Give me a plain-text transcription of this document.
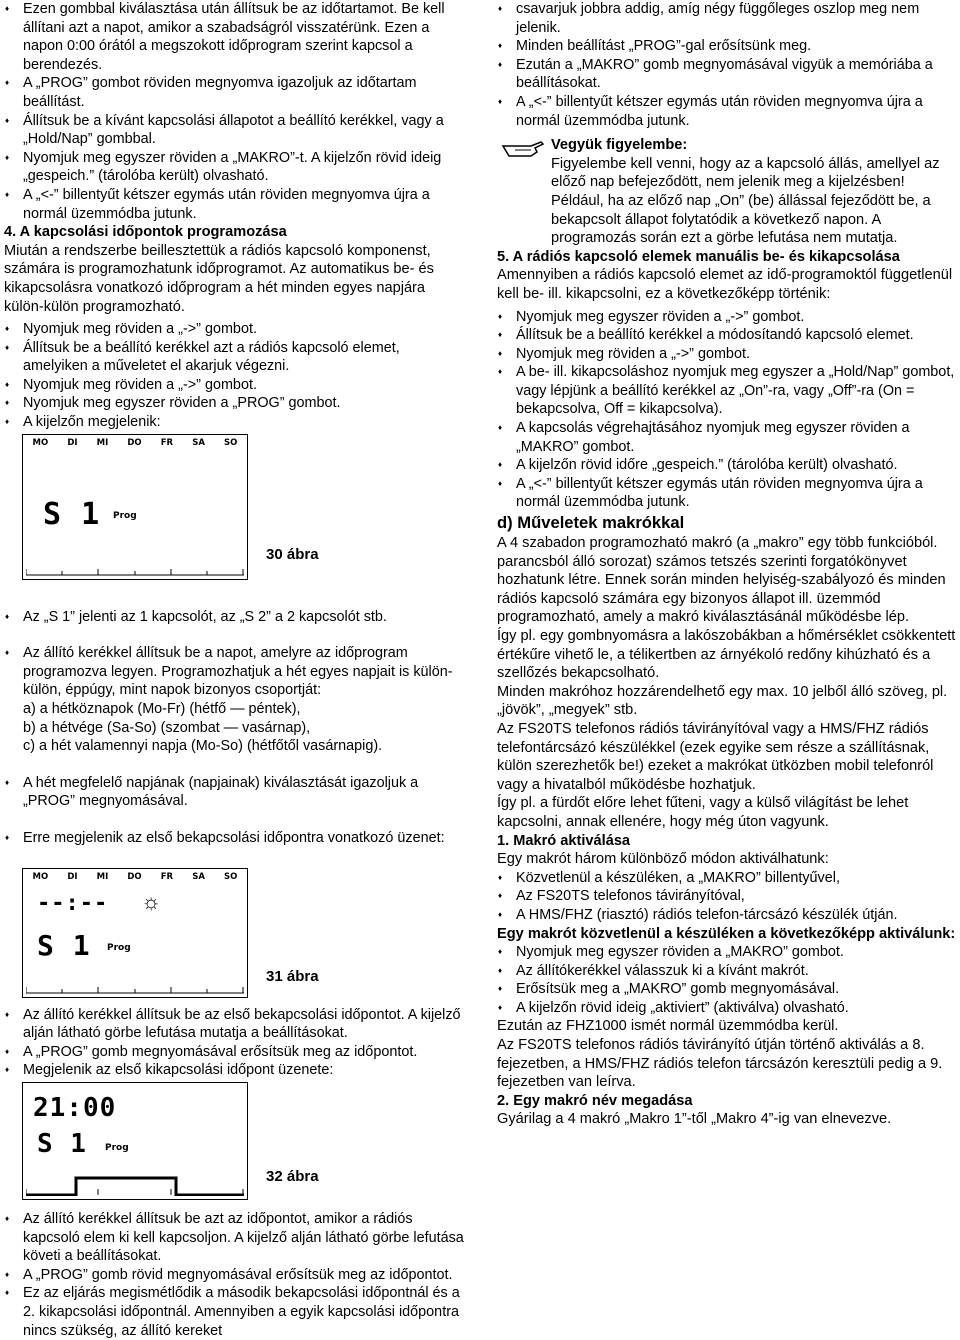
♦ Ezen gombbal kiválasztása után állítsuk be az időtartamot. Be kell állítani azt a napot, amikor a szabadságról visszatérünk. Ezen a napon 0:00 órától a megszokott időprogram szerint kapcsol a berendezés.
♦ A „PROG” gombot röviden megnyomva igazoljuk az időtartam beállítást.
♦ Állítsuk be a kívánt kapcsolási állapotot a beállító kerékkel, vagy a „Hold/Nap” gombbal.
♦ Nyomjuk meg egyszer röviden a „MAKRO”-t. A kijelzőn rövid ideig „gespeich.” (tárolóba került) olvasható.
♦ A „<-” billentyűt kétszer egymás után röviden megnyomva újra a normál üzemmódba jutunk.
4. A kapcsolási időpontok programozása

Miután a rendszerbe beillesztettük a rádiós kapcsoló komponenst, számára is programozhatunk időprogramot. Az automatikus be- és kikapcsolásra vonatkozó időprogram a hét minden egyes napjára külön-külön programozható.

♦ Nyomjuk meg röviden a „->” gombot.
♦ Állítsuk be a beállító kerékkel azt a rádiós kapcsoló elemet, amelyiken a műveletet el akarjuk végezni.
♦ Nyomjuk meg röviden a „->” gombot.
♦ Nyomjuk meg egyszer röviden a „PROG” gombot.
♦ A kijelzőn megjelenik:
MO DI MI DO FR SA SO
S 1 Prog
30 ábra

♦ Az „S 1” jelenti az 1 kapcsolót, az „S 2” a 2 kapcsolót stb.

♦ Az állító kerékkel állítsuk be a napot, amelyre az időprogram programozva legyen. Programozhatjuk a hét egyes napjait is külön-külön, éppúgy, mint napok bizonyos csoportját:
a) a hétköznapok (Mo-Fr) (hétfő — péntek),
b) a hétvége (Sa-So) (szombat — vasárnap),
c) a hét valamennyi napja (Mo-So) (hétfőtől vasárnapig).

♦ A hét megfelelő napjának (napjainak) kiválasztását igazoljuk a „PROG” megnyomásával.

♦ Erre megjelenik az első bekapcsolási időpontra vonatkozó üzenet:

MO DI MI DO FR SA SO
--:-- ☼
S 1 Prog
31 ábra
♦ Az állító kerékkel állítsuk be az első bekapcsolási időpontot. A kijelző alján látható görbe lefutása mutatja a beállításokat.
♦ A „PROG” gomb megnyomásával erősítsük meg az időpontot.
♦ Megjelenik az első kikapcsolási időpont üzenete:
21:00
S 1 Prog
32 ábra
♦ Az állító kerékkel állítsuk be azt az időpontot, amikor a rádiós kapcsoló elem ki kell kapcsoljon. A kijelző alján látható görbe lefutása követi a beállításokat.
♦ A „PROG” gomb rövid megnyomásával erősítsük meg az időpontot.
♦ Ez az eljárás megismétlődik a második bekapcsolási időpontnál és a 2. kikapcsolási időpontnál. Amennyiben a egyik kapcsolási időpontra nincs szükség, az állító kereket
♦ csavarjuk jobbra addig, amíg négy függőleges oszlop meg nem jelenik.
♦ Minden beállítást „PROG”-gal erősítsünk meg.
♦ Ezután a „MAKRO” gomb megnyomásával vigyük a memóriába a beállításokat.
♦ A „<-” billentyűt kétszer egymás után röviden megnyomva újra a normál üzemmódba jutunk.
Vegyük figyelembe:

Figyelembe kell venni, hogy az a kapcsoló állás, amellyel az előző nap befejeződött, nem jelenik meg a kijelzésben!

Például, ha az előző nap „On” (be) állással fejeződött be, a bekapcsolt állapot folytatódik a következő napon. A programozás során ezt a görbe lefutása nem mutatja.

5. A rádiós kapcsoló elemek manuális be- és kikapcsolása

Amennyiben a rádiós kapcsoló elemet az idő-programoktól függetlenül kell be- ill. kikapcsolni, ez a következőképp történik:

♦ Nyomjuk meg egyszer röviden a „->” gombot.
♦ Állítsuk be a beállító kerékkel a módosítandó kapcsoló elemet.
♦ Nyomjuk meg röviden a „->” gombot.
♦ A be- ill. kikapcsoláshoz nyomjuk meg egyszer a „Hold/Nap” gombot, vagy lépjünk a beállító kerékkel az „On”-ra, vagy „Off”-ra (On = bekapcsolva, Off = kikapcsolva).
♦ A kapcsolás végrehajtásához nyomjuk meg egyszer röviden a „MAKRO” gombot.
♦ A kijelzőn rövid időre „gespeich.” (tárolóba került) olvasható.
♦ A „<-” billentyűt kétszer egymás után röviden megnyomva újra a normál üzemmódba jutunk.
d) Műveletek makrókkal

A 4 szabadon programozható makró (a „makro” egy több funkcióból. parancsból álló sorozat) számos tetszés szerinti forgatókönyvet hozhatunk létre. Ennek során minden helyiség-szabályozó és minden rádiós kapcsoló számára egy bizonyos állapot ill. üzemmód programozható, amely a makró kiválasztásánál működésbe lép.

Így pl. egy gombnyomásra a lakószobákban a hőmérséklet csökkentett értékűre vihető le, a télikertben az árnyékoló redőny kihúzható és a szellőzés bekapcsolható.

Minden makróhoz hozzárendelhető egy max. 10 jelből álló szöveg, pl. „jövök”, „megyek” stb.

Az FS20TS telefonos rádiós távirányítóval vagy a HMS/FHZ rádiós telefontárcsázó készülékkel (ezek egyike sem része a szállításnak, külön szerezhetők be!) ezeket a makrókat ütközben mobil telefonról vagy a hivatalból működésbe hozhatjuk.

Így pl. a fürdőt előre lehet fűteni, vagy a külső világítást be lehet kapcsolni, annak ellenére, hogy még úton vagyunk.

1. Makró aktiválása

Egy makrót három különböző módon aktiválhatunk:

♦ Közvetlenül a készüléken, a „MAKRO” billentyűvel,
♦ Az FS20TS telefonos távirányítóval,
♦ A HMS/FHZ (riasztó) rádiós telefon-tárcsázó készülék útján.
Egy makrót közvetlenül a készüléken a következőképp aktiválunk:
♦ Nyomjuk meg egyszer röviden a „MAKRO” gombot.
♦ Az állítókerékkel válasszuk ki a kívánt makrót.
♦ Erősítsük meg a „MAKRO” gomb megnyomásával.
♦ A kijelzőn rövid ideig „aktiviert” (aktiválva) olvasható.

Ezután az FHZ1000 ismét normál üzemmódba kerül.

Az FS20TS telefonos rádiós távirányító útján történő aktiválás a 8. fejezetben, a HMS/FHZ rádiós telefon tárcsázón keresztüli pedig a 9. fejezetben van leírva.

2. Egy makró név megadása

Gyárilag a 4 makró „Makro 1”-től „Makro 4”-ig van elnevezve.
